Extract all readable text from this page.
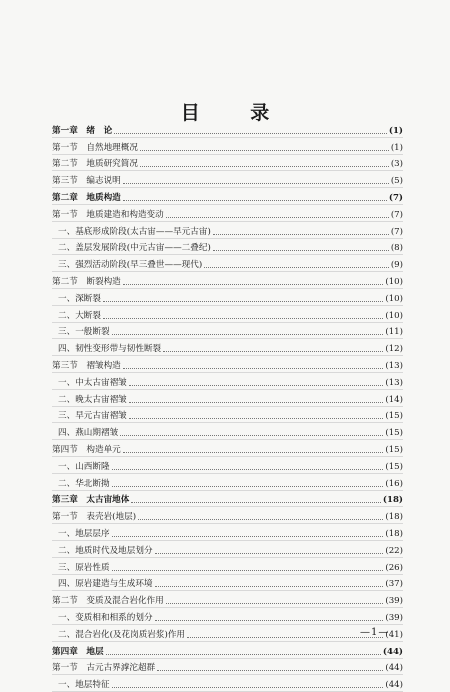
目 录
第一章　绪　论	(1)
第一节　自然地理概况	(1)
第二节　地质研究简况	(3)
第三节　编志说明	(5)
第二章　地质构造	(7)
第一节　地质建造和构造变动	(7)
一、基底形成阶段(太古宙——早元古宙)	(7)
二、盖层发展阶段(中元古宙——二叠纪)	(8)
三、强烈活动阶段(早三叠世——现代)	(9)
第二节　断裂构造	(10)
一、深断裂	(10)
二、大断裂	(10)
三、一般断裂	(11)
四、韧性变形带与韧性断裂	(12)
第三节　褶皱构造	(13)
一、中太古宙褶皱	(13)
二、晚太古宙褶皱	(14)
三、早元古宙褶皱	(15)
四、燕山期褶皱	(15)
第四节　构造单元	(15)
一、山西断隆	(15)
二、华北断拗	(16)
第三章　太古宙地体	(18)
第一节　表壳岩(地层)	(18)
一、地层层序	(18)
二、地质时代及地层划分	(22)
三、原岩性质	(26)
四、原岩建造与生成环境	(37)
第二节　变质及混合岩化作用	(39)
一、变质相和相系的划分	(39)
二、混合岩化(及花岗质岩浆)作用	(41)
第四章　地层	(44)
第一节　古元古界滹沱超群	(44)
一、地层特征	(44)
—1—
